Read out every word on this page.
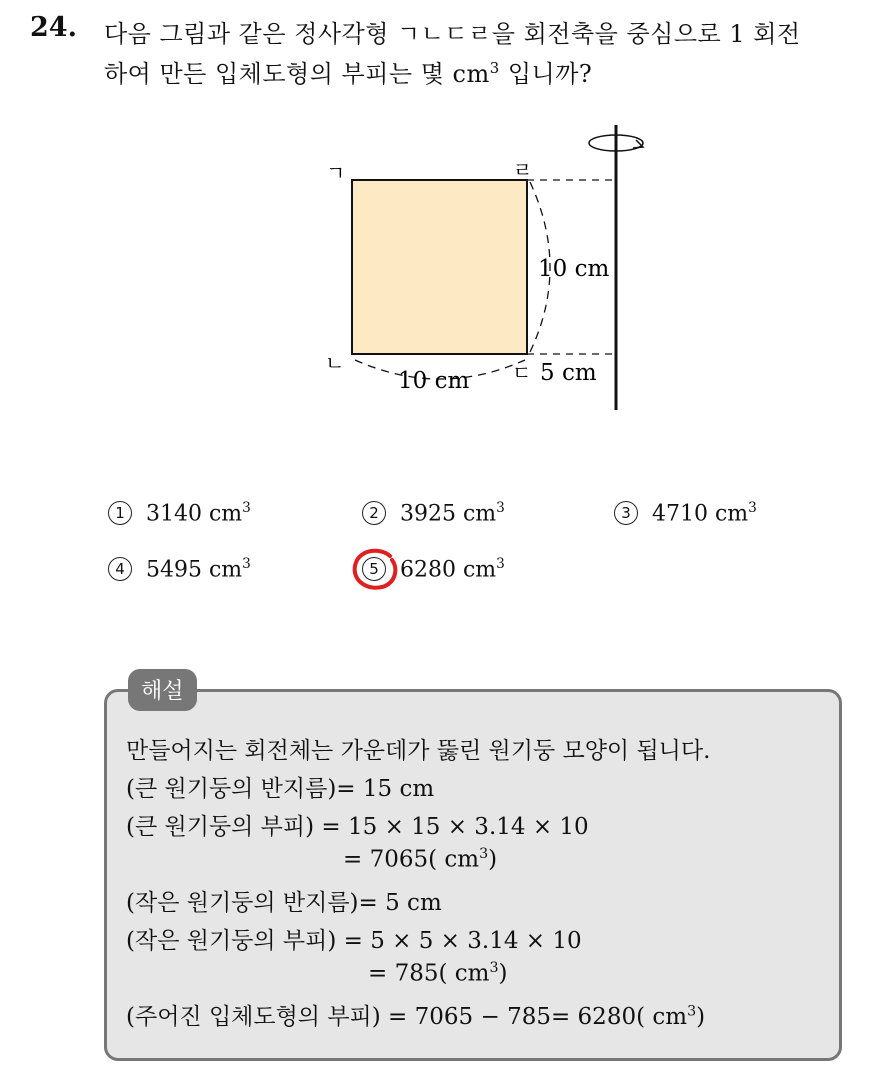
24. 다음 그림과 같은 정사각형 ㄱㄴㄷㄹ을 회전축을 중심으로 1 회전
하여 만든 입체도형의 부피는 몇 $cm^3$ 입니까?
ㄱ	ㄹ
ㄴ	ㄷ
10 cm
10 cm	5 cm
1 3140 $cm^3$	2 3925 $cm^3$	3 4710 $cm^3$
4 5495 $cm^3$	5 6280 $cm^3$
해설
만들어지는 회전체는 가운데가 뚫린 원기둥 모양이 됩니다.
(큰 원기둥의 반지름)= 15 cm
(큰 원기둥의 부피) = 15 × 15 × 3.14 × 10
= 7065( $cm^3$)
(작은 원기둥의 반지름)= 5 cm
(작은 원기둥의 부피) = 5 × 5 × 3.14 × 10
= 785( $cm^3$)
(주어진 입체도형의 부피) = 7065 − 785= 6280( $cm^3$)
